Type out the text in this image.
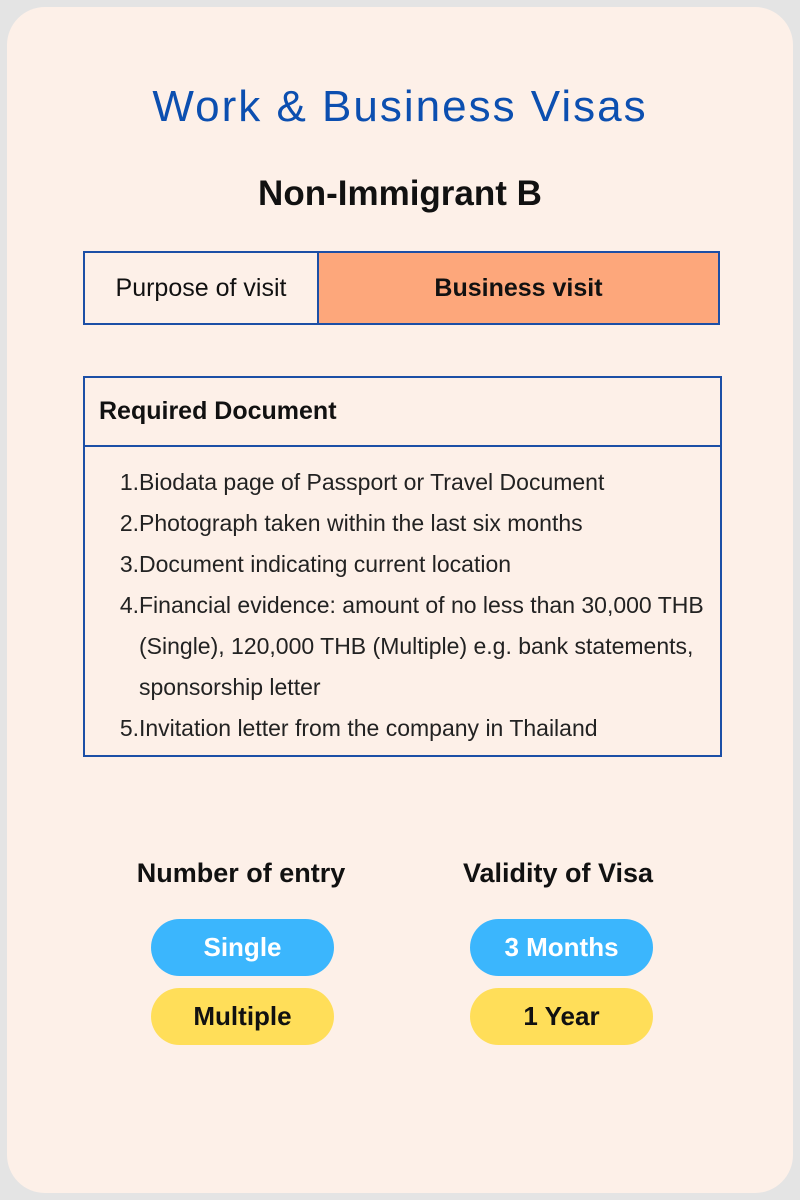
Work & Business Visas
Non-Immigrant B
Purpose of visit	Business visit
Required Document
1. Biodata page of Passport or Travel Document
2. Photograph taken within the last six months
3. Document indicating current location
4. Financial evidence: amount of no less than 30,000 THB (Single), 120,000 THB (Multiple) e.g. bank statements, sponsorship letter
5. Invitation letter from the company in Thailand
Number of entry	Validity of Visa
Single
Multiple
3 Months
1 Year
